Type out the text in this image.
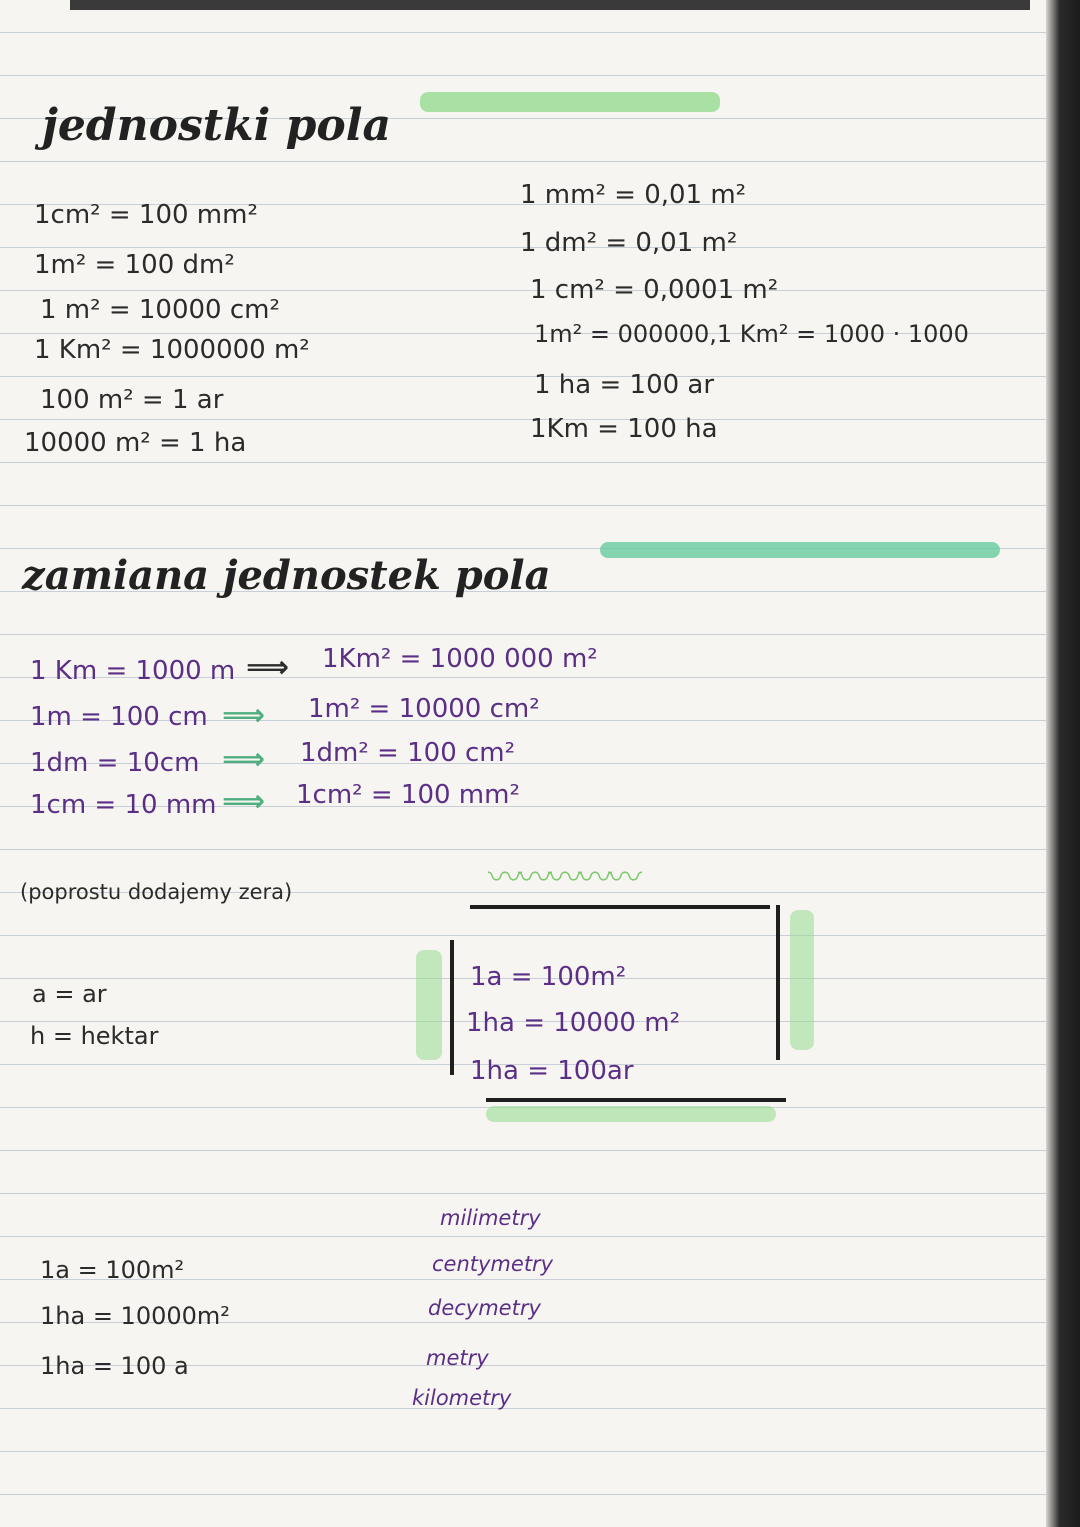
jednostki pola
1cm² = 100 mm²
1m² = 100 dm²
1 m² = 10000 cm²
1 Km² = 1000000 m²
100 m² = 1 ar
10000 m² = 1 ha
1 mm² = 0,01 m²
1 dm² = 0,01 m²
1 cm² = 0,0001 m²
1m² = 000000,1 Km² = 1000 · 1000
1 ha = 100 ar
1Km = 100 ha
zamiana jednostek pola
1 Km = 1000 m ⟹ 1Km² = 1000 000 m²
1m = 100 cm ⟹ 1m² = 10000 cm²
1dm = 10cm ⟹ 1dm² = 100 cm²
1cm = 10 mm ⟹ 1cm² = 100 mm²
(poprostu dodajemy zera)
a = ar
h = hektar
〰〰〰〰〰
1a = 100m²
1ha = 10000 m²
1ha = 100ar
1a = 100m²
1ha = 10000m²
1ha = 100 a
milimetry
centymetry
decymetry
metry
kilometry
